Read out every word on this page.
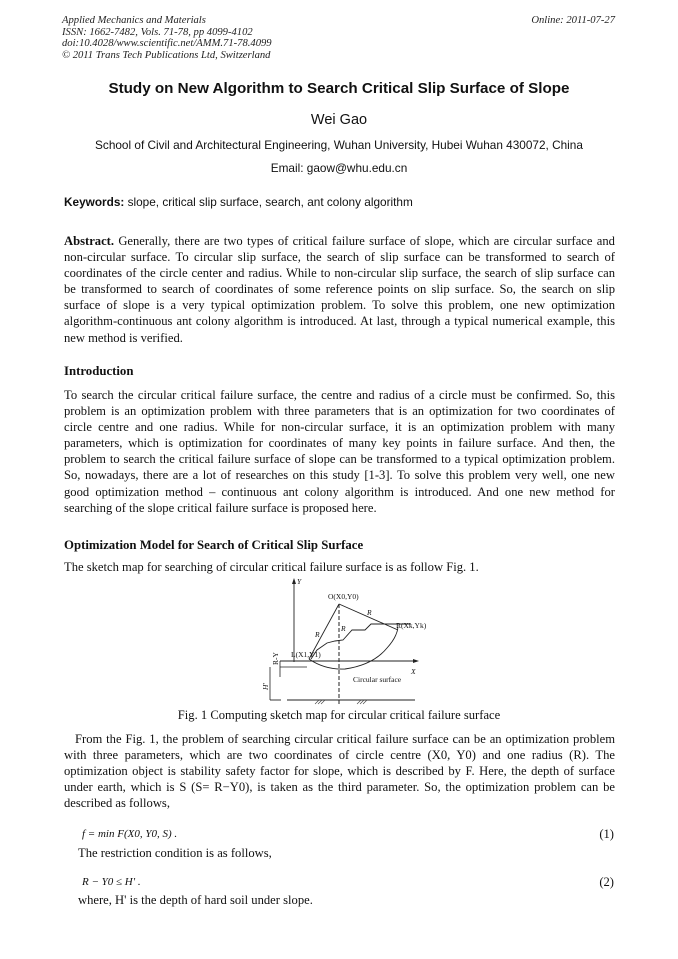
Applied Mechanics and Materials
ISSN: 1662-7482, Vols. 71-78, pp 4099-4102
doi:10.4028/www.scientific.net/AMM.71-78.4099
© 2011 Trans Tech Publications Ltd, Switzerland
Online: 2011-07-27
Study on New Algorithm to Search Critical Slip Surface of Slope
Wei Gao
School of Civil and Architectural Engineering, Wuhan University, Hubei Wuhan 430072, China
Email: gaow@whu.edu.cn
Keywords: slope, critical slip surface, search, ant colony algorithm
Abstract. Generally, there are two types of critical failure surface of slope, which are circular surface and non-circular surface. To circular slip surface, the search of slip surface can be transformed to search of coordinates of the circle center and radius. While to non-circular slip surface, the search of slip surface can be transformed to search of coordinates of some reference points on slip surface. So, the search on slip surface of slope is a very typical optimization problem. To solve this problem, one new optimization algorithm-continuous ant colony algorithm is introduced. At last, through a typical numerical example, this new method is verified.
Introduction
To search the circular critical failure surface, the centre and radius of a circle must be confirmed. So, this problem is an optimization problem with three parameters that is an optimization for two coordinates of circle centre and one radius. While for non-circular surface, it is an optimization problem with many parameters, which is optimization for coordinates of many key points in failure surface. And then, the problem to search the critical failure surface of slope can be transformed to a typical optimization problem. So, nowadays, there are a lot of researches on this study [1-3]. To solve this problem very well, one new good optimization method – continuous ant colony algorithm is introduced. And one new method for searching of the slope critical failure surface is proposed here.
Optimization Model for Search of Critical Slip Surface
The sketch map for searching of circular critical failure surface is as follow Fig. 1.
Y
O(X0,Y0)
R
R
R	R(Xk,Yk)
L(X1,Y1)
X
Circular surface
R-Y
H'
Fig. 1 Computing sketch map for circular critical failure surface
From the Fig. 1, the problem of searching circular critical failure surface can be an optimization problem with three parameters, which are two coordinates of circle centre (X0, Y0) and one radius (R). The optimization object is stability safety factor for slope, which is described by F. Here, the depth of surface under earth, which is S (S= R−Y0), is taken as the third parameter. So, the optimization problem can be described as follows,
f = min F(X0, Y0, S) .	(1)
The restriction condition is as follows,
R − Y0 ≤ H' .	(2)
where, H' is the depth of hard soil under slope.
